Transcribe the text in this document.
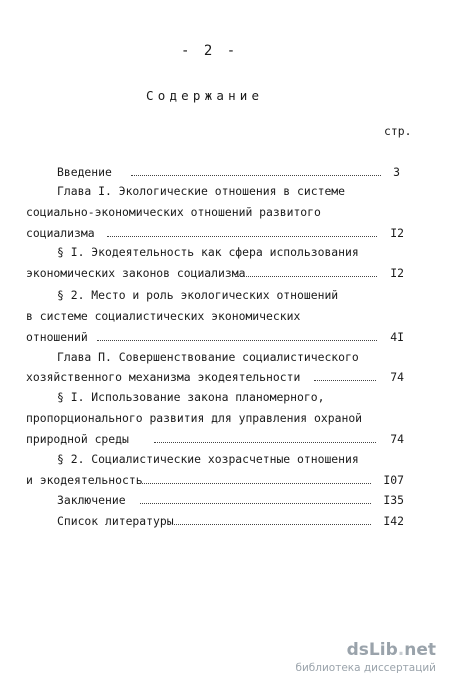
- 2 -
Содержание
стр.
Введение	3
Глава I. Экологические отношения в системе
социально-экономических отношений развитого
социализма	I2
§ I. Экодеятельность как сфера использования
экономических законов социализма	I2
§ 2. Место и роль экологических отношений
в системе социалистических экономических
отношений	4I
Глава П. Совершенствование социалистического
хозяйственного механизма экодеятельности	74
§ I. Использование закона планомерного,
пропорционального развития для управления охраной
природной среды	74
§ 2. Социалистические хозрасчетные отношения
и экодеятельность	I07
Заключение	I35
Список литературы	I42
dsLib.net
библиотека диссертаций
